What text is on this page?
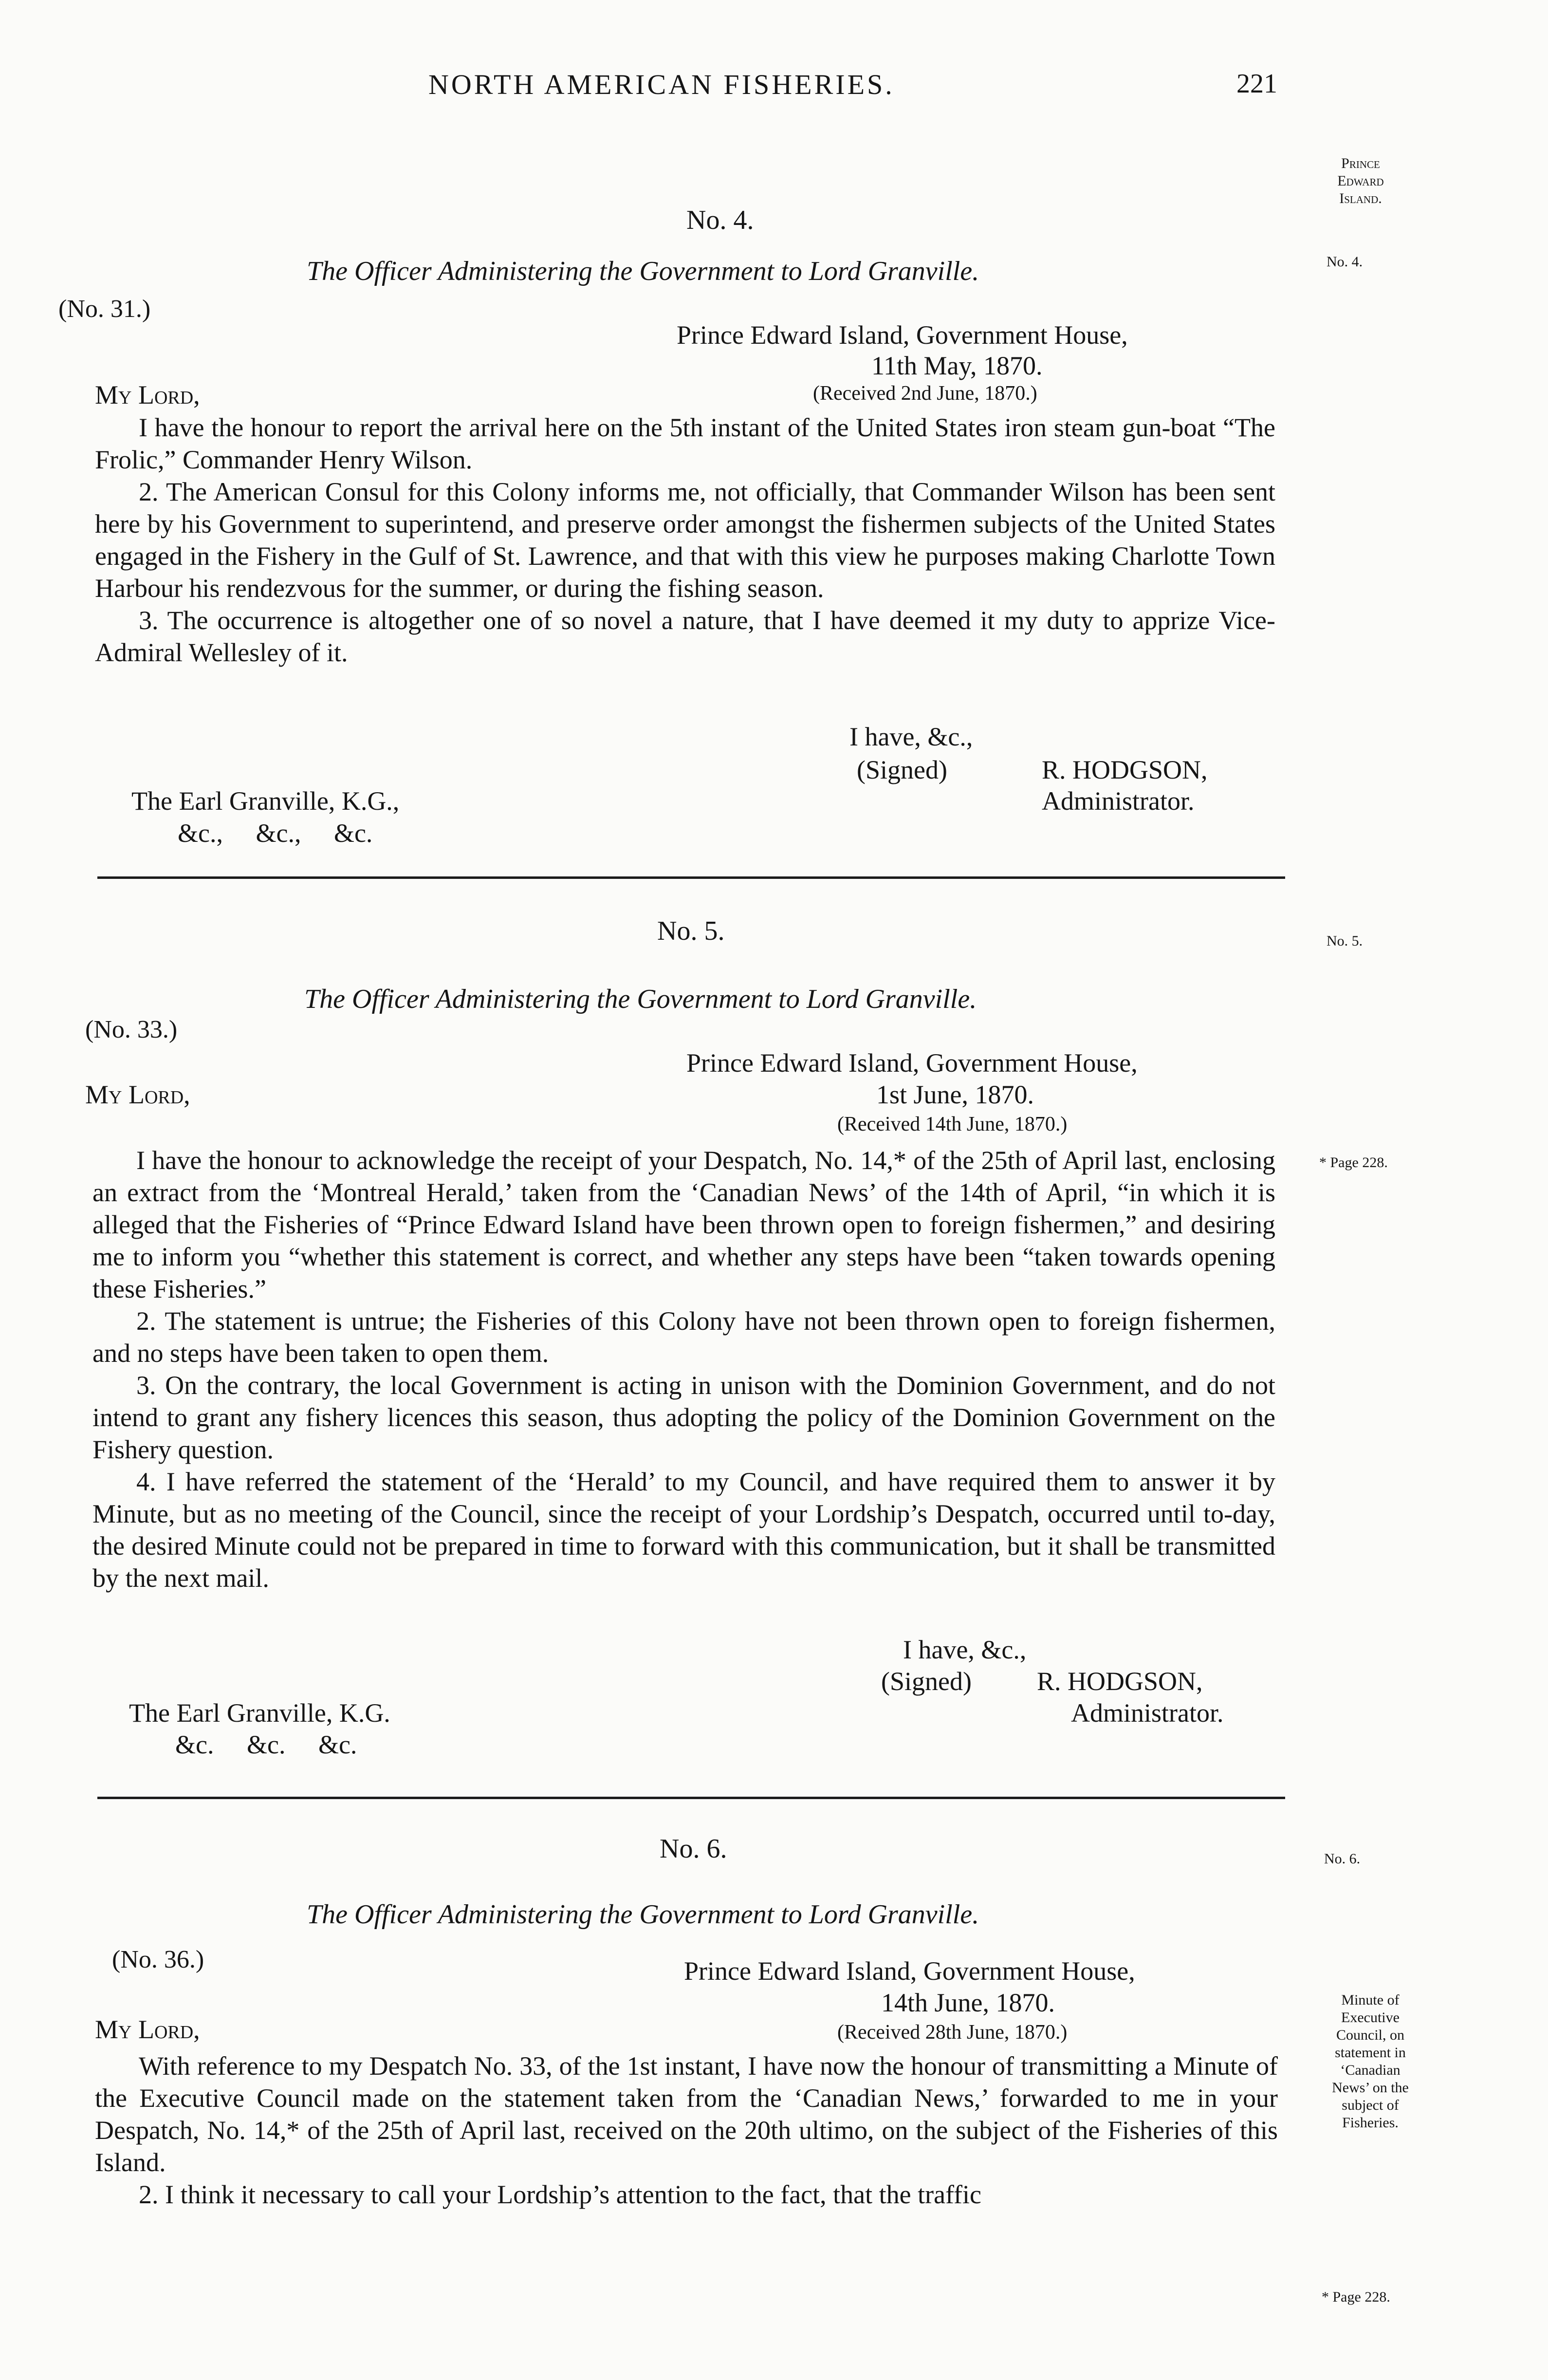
NORTH AMERICAN FISHERIES.	221
Prince
Edward
Island.
No. 4.
No. 4.
(No. 31.)
The Officer Administering the Government to Lord Granville.
Prince Edward Island, Government House,
11th May, 1870.
(Received 2nd June, 1870.)
My Lord,

I have the honour to report the arrival here on the 5th instant of the United States iron steam gun-boat “The Frolic,” Commander Henry Wilson.

2. The American Consul for this Colony informs me, not officially, that Commander Wilson has been sent here by his Government to superintend, and preserve order amongst the fishermen subjects of the United States engaged in the Fishery in the Gulf of St. Lawrence, and that with this view he purposes making Charlotte Town Harbour his rendezvous for the summer, or during the fishing season.

3. The occurrence is altogether one of so novel a nature, that I have deemed it my duty to apprize Vice-Admiral Wellesley of it.

I have, &c.,
(Signed)	R. HODGSON,
Administrator.
The Earl Granville, K.G.,
&c.,     &c.,     &c.
No. 5.	No. 5.
(No. 33.)
The Officer Administering the Government to Lord Granville.
Prince Edward Island, Government House,
1st June, 1870.
My Lord,
(Received 14th June, 1870.)
* Page 228.

I have the honour to acknowledge the receipt of your Despatch, No. 14,* of the 25th of April last, enclosing an extract from the ‘Montreal Herald,’ taken from the ‘Canadian News’ of the 14th of April, “in which it is alleged that the Fisheries of “Prince Edward Island have been thrown open to foreign fishermen,” and desiring me to inform you “whether this statement is correct, and whether any steps have been “taken towards opening these Fisheries.”

2. The statement is untrue; the Fisheries of this Colony have not been thrown open to foreign fishermen, and no steps have been taken to open them.

3. On the contrary, the local Government is acting in unison with the Dominion Government, and do not intend to grant any fishery licences this season, thus adopting the policy of the Dominion Government on the Fishery question.

4. I have referred the statement of the ‘Herald’ to my Council, and have required them to answer it by Minute, but as no meeting of the Council, since the receipt of your Lordship’s Despatch, occurred until to-day, the desired Minute could not be prepared in time to forward with this communication, but it shall be transmitted by the next mail.

I have, &c.,
(Signed) R. HODGSON,
Administrator.
The Earl Granville, K.G.
&c.     &c.     &c.
No. 6.	No. 6.
The Officer Administering the Government to Lord Granville.
(No. 36.)	Prince Edward Island, Government House,
14th June, 1870.
(Received 28th June, 1870.)
My Lord,
Minute of
Executive
Council, on
statement in
‘Canadian
News’ on the
subject of
Fisheries.
* Page 228.

With reference to my Despatch No. 33, of the 1st instant, I have now the honour of transmitting a Minute of the Executive Council made on the statement taken from the ‘Canadian News,’ forwarded to me in your Despatch, No. 14,* of the 25th of April last, received on the 20th ultimo, on the subject of the Fisheries of this Island.

2. I think it necessary to call your Lordship’s attention to the fact, that the traffic
